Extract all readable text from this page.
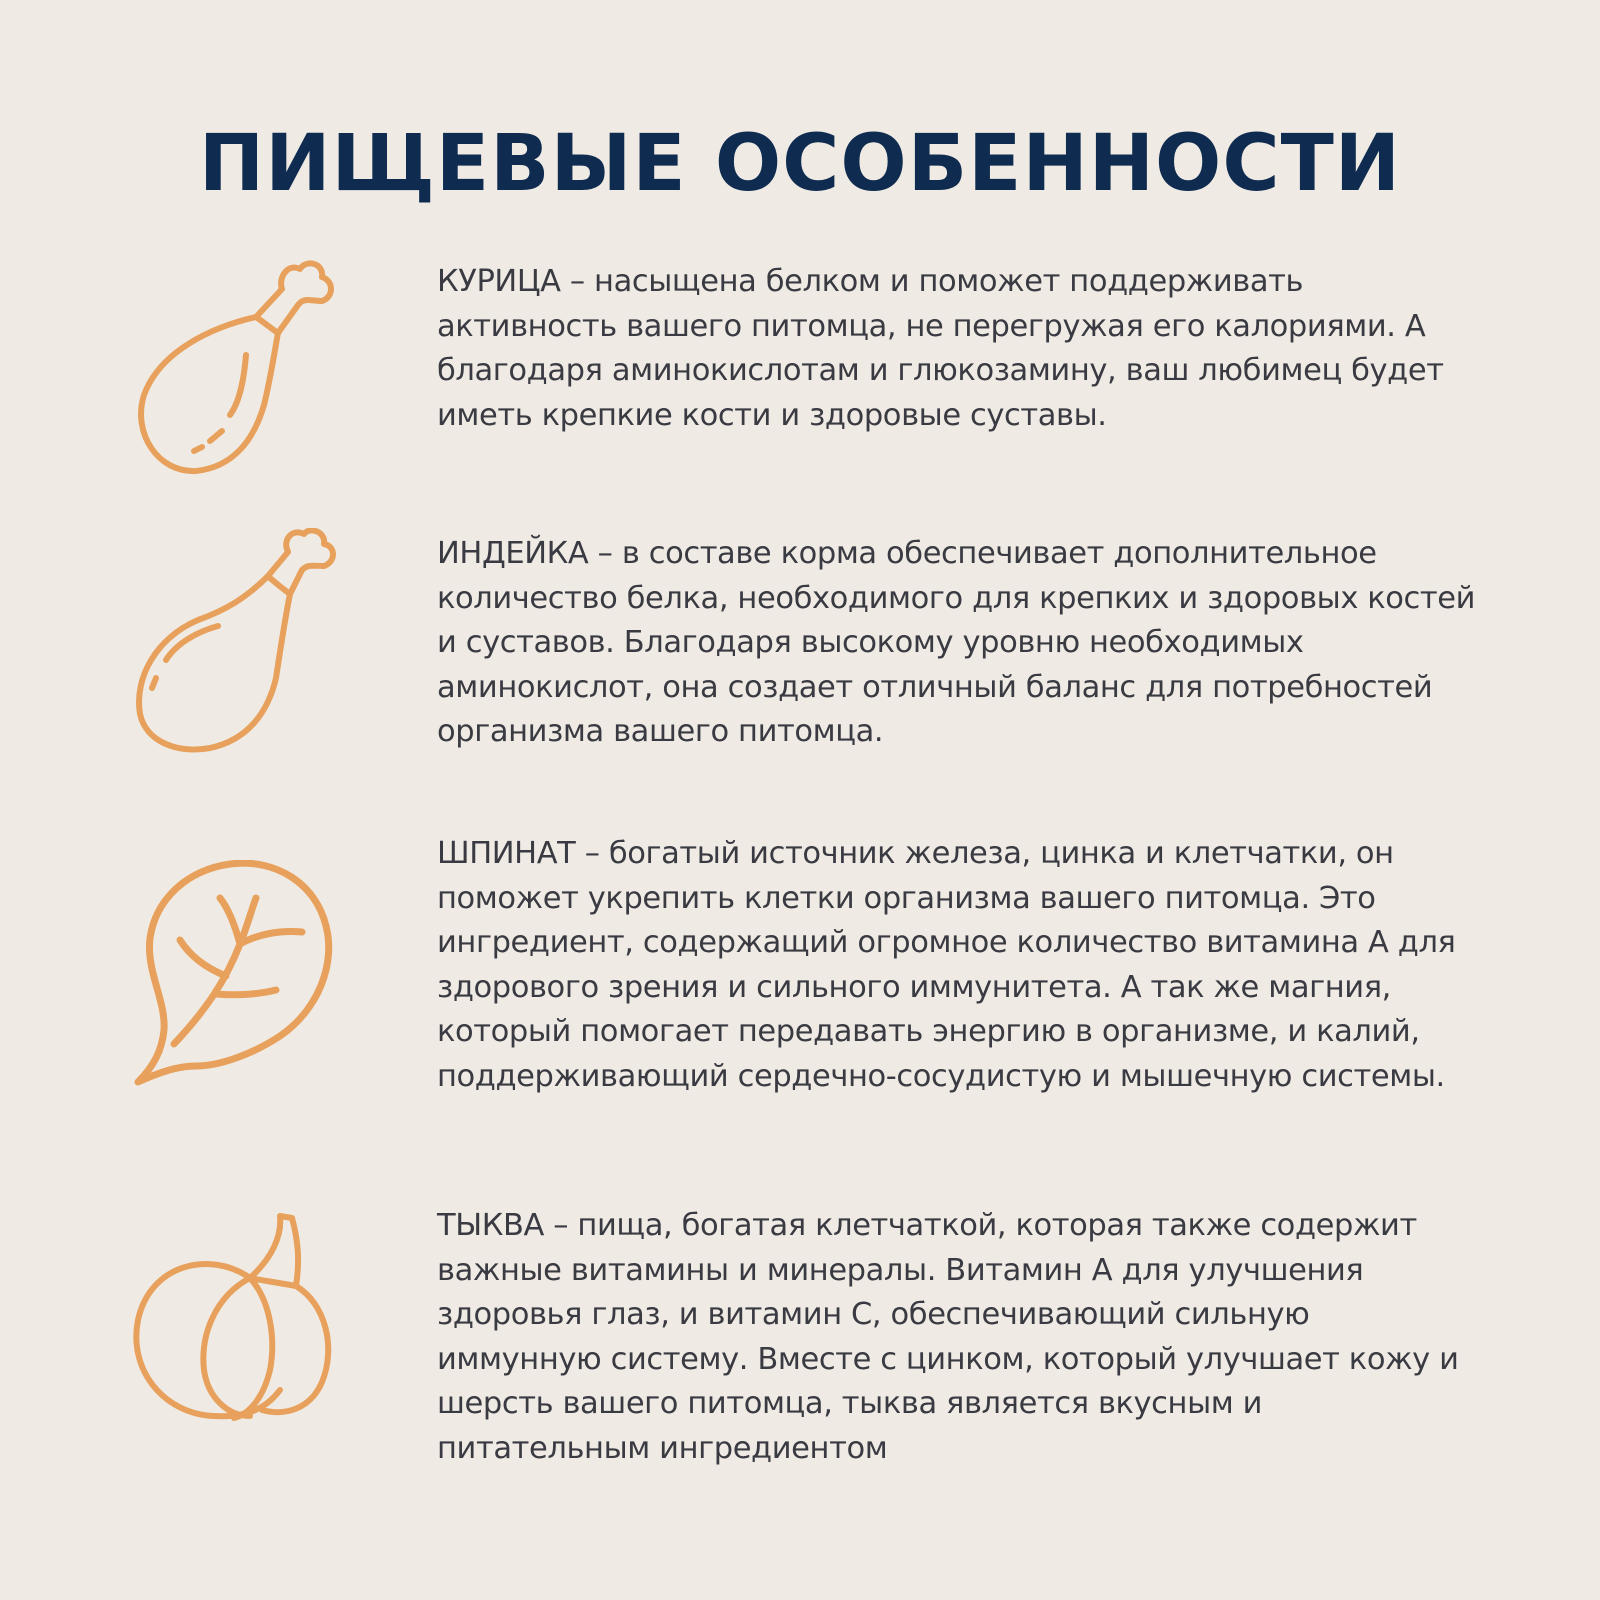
ПИЩЕВЫЕ ОСОБЕННОСТИ

КУРИЦА – насыщена белком и поможет поддерживать активность вашего питомца, не перегружая его калориями. А благодаря аминокислотам и глюкозамину, ваш любимец будет иметь крепкие кости и здоровые суставы.

ИНДЕЙКА – в составе корма обеспечивает дополнительное количество белка, необходимого для крепких и здоровых костей и суставов. Благодаря высокому уровню необходимых аминокислот, она создает отличный баланс для потребностей организма вашего питомца.

ШПИНАТ – богатый источник железа, цинка и клетчатки, он поможет укрепить клетки организма вашего питомца. Это ингредиент, содержащий огромное количество витамина А для здорового зрения и сильного иммунитета. А так же магния, который помогает передавать энергию в организме, и калий, поддерживающий сердечно-сосудистую и мышечную системы.

ТЫКВА – пища, богатая клетчаткой, которая также содержит важные витамины и минералы. Витамин А для улучшения здоровья глаз, и витамин С, обеспечивающий сильную иммунную систему. Вместе с цинком, который улучшает кожу и шерсть вашего питомца, тыква является вкусным и питательным ингредиентом
